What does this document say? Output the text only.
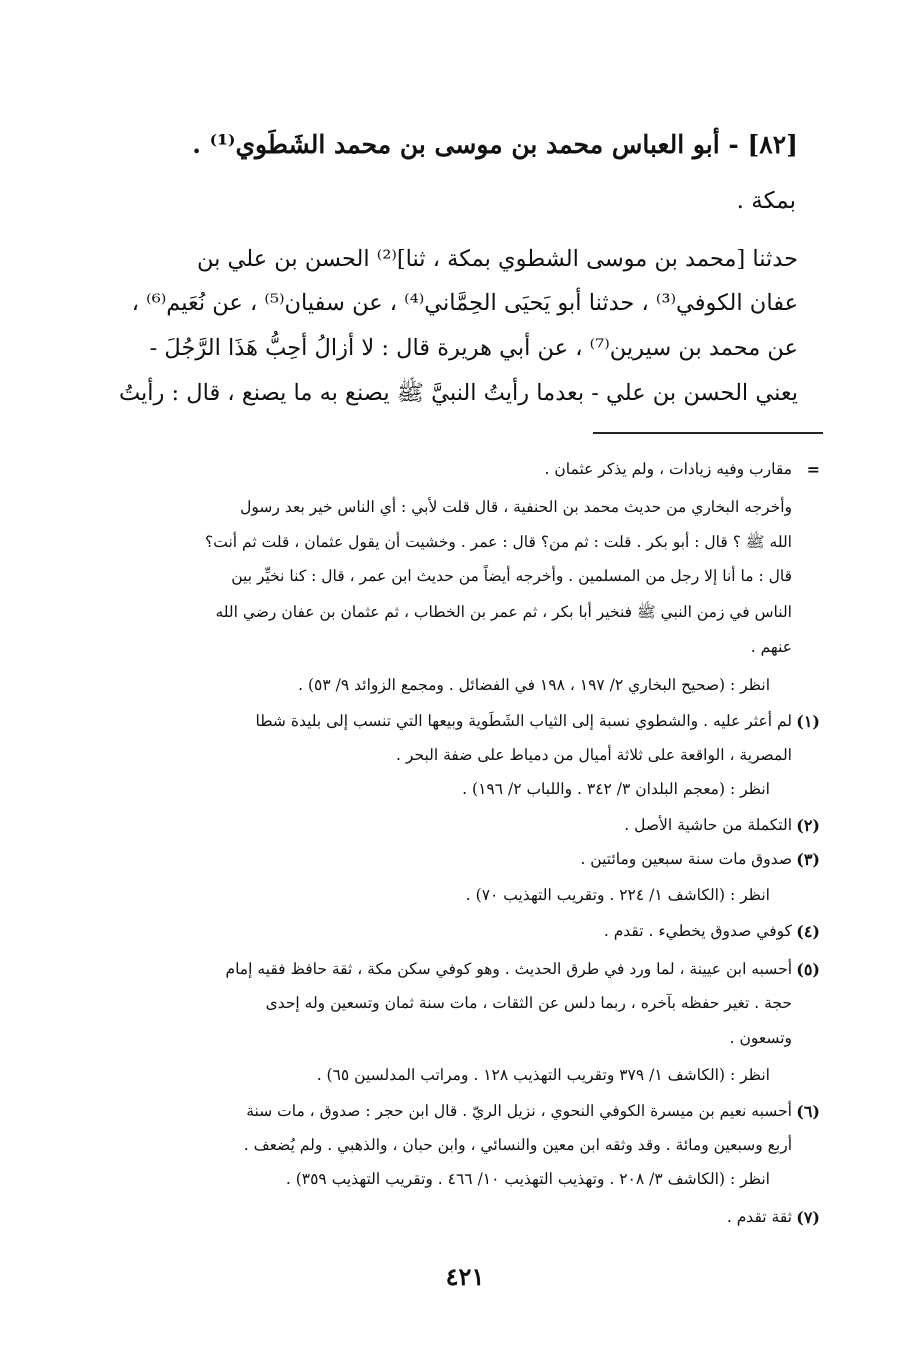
[٨٢] - أبو العباس محمد بن موسى بن محمد الشَطَوي⁽¹⁾ .
بمكة .
حدثنا [محمد بن موسى الشطوي بمكة ، ثنا]⁽²⁾ الحسن بن علي بن
عفان الكوفي⁽³⁾ ، حدثنا أبو يَحيَى الحِمَّاني⁽⁴⁾ ، عن سفيان⁽⁵⁾ ، عن نُعَيم⁽⁶⁾ ،
عن محمد بن سيرين⁽⁷⁾ ، عن أبي هريرة قال : لا أزالُ أحِبُّ هَذَا الرَّجُلَ -
يعني الحسن بن علي - بعدما رأيتُ النبيَّ ﷺ يصنع به ما يصنع ، قال : رأيتُ
=
مقارب وفيه زيادات ، ولم يذكر عثمان .
وأخرجه البخاري من حديث محمد بن الحنفية ، قال قلت لأبي : أي الناس خير بعد رسول
الله ﷺ ؟ قال : أبو بكر . قلت : ثم من؟ قال : عمر . وخشيت أن يقول عثمان ، قلت ثم أنت؟
قال : ما أنا إلا رجل من المسلمين . وأخرجه أيضاً من حديث ابن عمر ، قال : كنا نخيِّر بين
الناس في زمن النبي ﷺ فنخير أبا بكر ، ثم عمر بن الخطاب ، ثم عثمان بن عفان رضي الله
عنهم .
انظر : (صحيح البخاري ٢/ ١٩٧ ، ١٩٨ في الفضائل . ومجمع الزوائد ٩/ ٥٣) .
(١)
لم أعثر عليه . والشطوي نسبة إلى الثياب الشَطَوية وبيعها التي تنسب إلى بليدة شطا
المصرية ، الواقعة على ثلاثة أميال من دمياط على ضفة البحر .
انظر : (معجم البلدان ٣/ ٣٤٢ . واللباب ٢/ ١٩٦) .
(٢)
التكملة من حاشية الأصل .
(٣)
صدوق مات سنة سبعين ومائتين .
انظر : (الكاشف ١/ ٢٢٤ . وتقريب التهذيب ٧٠) .
(٤)
كوفي صدوق يخطيء . تقدم .
(٥)
أحسبه ابن عيينة ، لما ورد في طرق الحديث . وهو كوفي سكن مكة ، ثقة حافظ فقيه إمام
حجة . تغير حفظه بآخره ، ربما دلس عن الثقات ، مات سنة ثمان وتسعين وله إحدى
وتسعون .
انظر : (الكاشف ١/ ٣٧٩ وتقريب التهذيب ١٢٨ . ومراتب المدلسين ٦٥) .
(٦)
أحسبه نعيم بن ميسرة الكوفي النحوي ، نزيل الريّ . قال ابن حجر : صدوق ، مات سنة
أربع وسبعين ومائة . وقد وثقه ابن معين والنسائي ، وابن حبان ، والذهبي . ولم يُضعف .
انظر : (الكاشف ٣/ ٢٠٨ . وتهذيب التهذيب ١٠/ ٤٦٦ . وتقريب التهذيب ٣٥٩) .
(٧)
ثقة تقدم .
٤٢١
